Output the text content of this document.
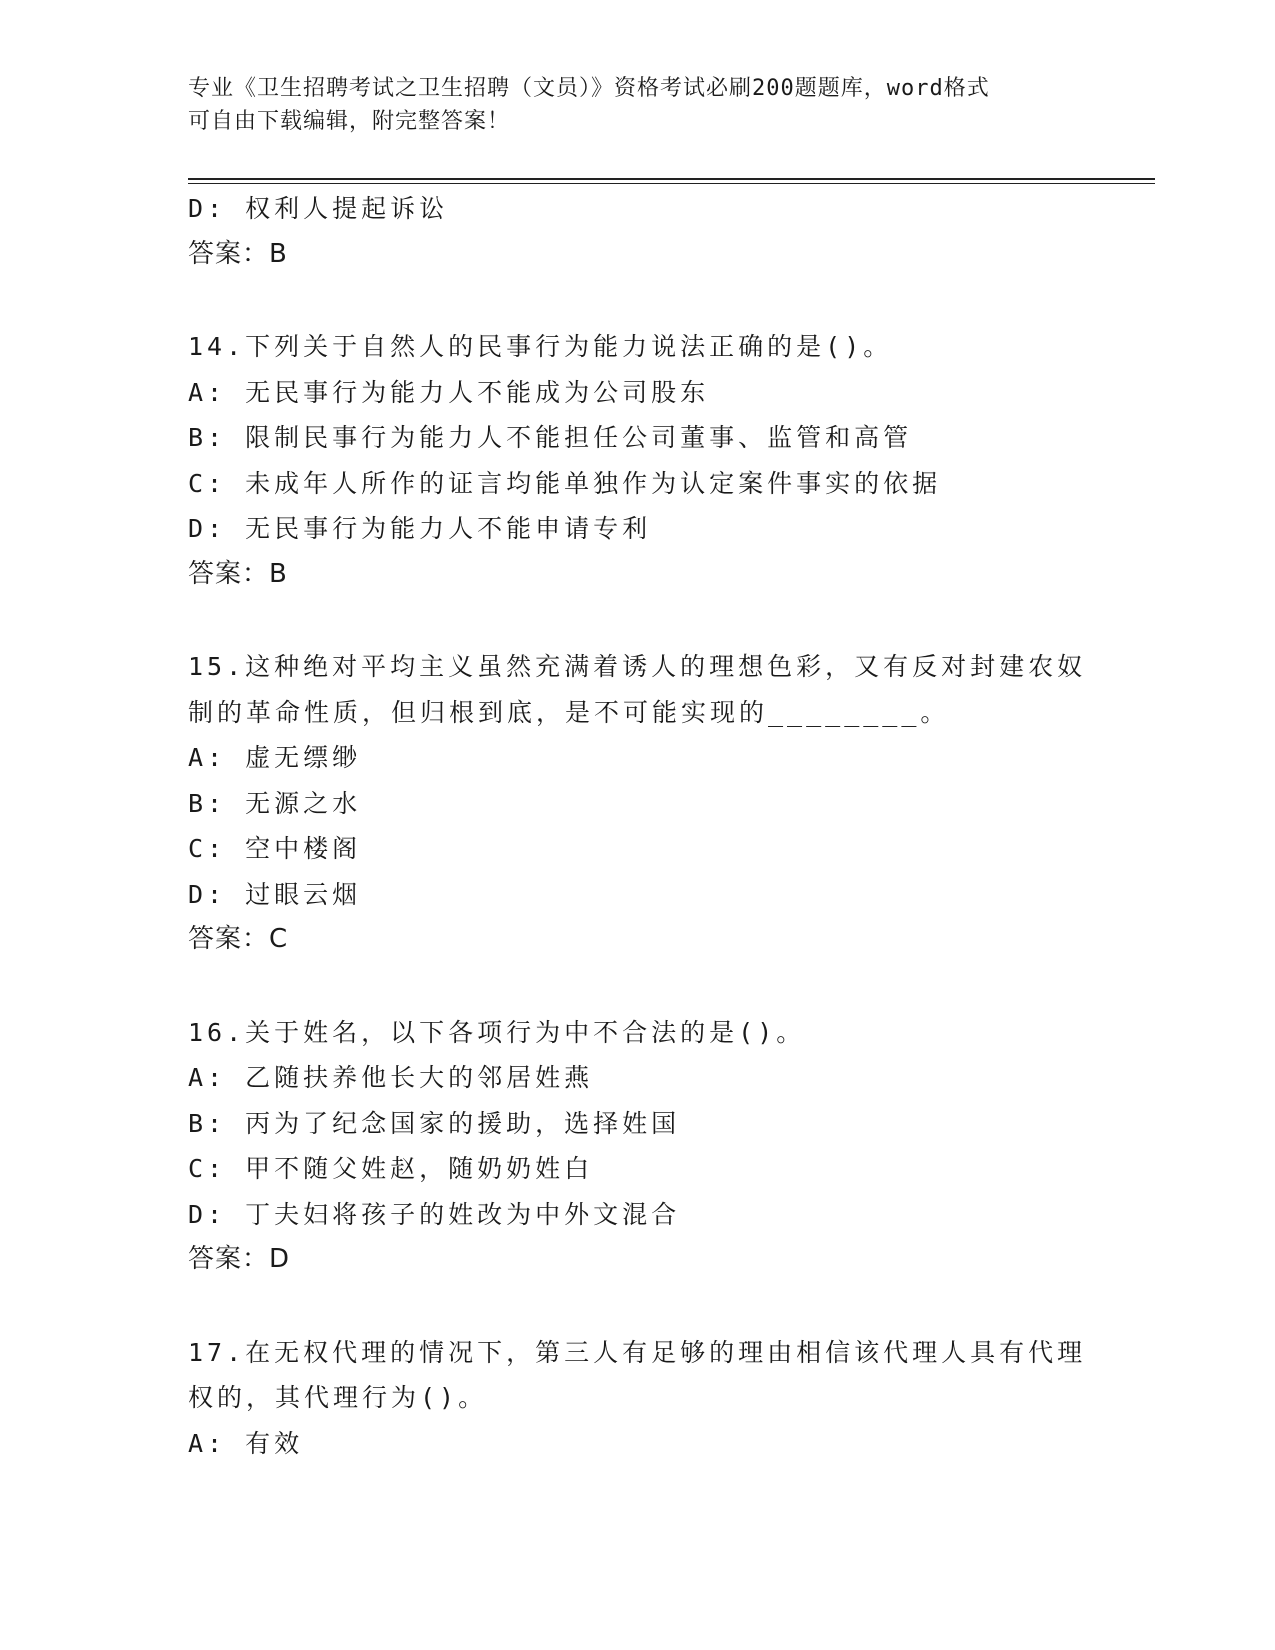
专业《卫生招聘考试之卫生招聘（文员）》资格考试必刷200题题库，word格式
可自由下载编辑，附完整答案！
D: 权利人提起诉讼
答案：B
14.下列关于自然人的民事行为能力说法正确的是()。
A: 无民事行为能力人不能成为公司股东
B: 限制民事行为能力人不能担任公司董事、监管和高管
C: 未成年人所作的证言均能单独作为认定案件事实的依据
D: 无民事行为能力人不能申请专利
答案：B
15.这种绝对平均主义虽然充满着诱人的理想色彩，又有反对封建农奴
制的革命性质，但归根到底，是不可能实现的________。
A: 虚无缥缈
B: 无源之水
C: 空中楼阁
D: 过眼云烟
答案：C
16.关于姓名，以下各项行为中不合法的是()。
A: 乙随扶养他长大的邻居姓燕
B: 丙为了纪念国家的援助，选择姓国
C: 甲不随父姓赵，随奶奶姓白
D: 丁夫妇将孩子的姓改为中外文混合
答案：D
17.在无权代理的情况下，第三人有足够的理由相信该代理人具有代理
权的，其代理行为()。
A: 有效
